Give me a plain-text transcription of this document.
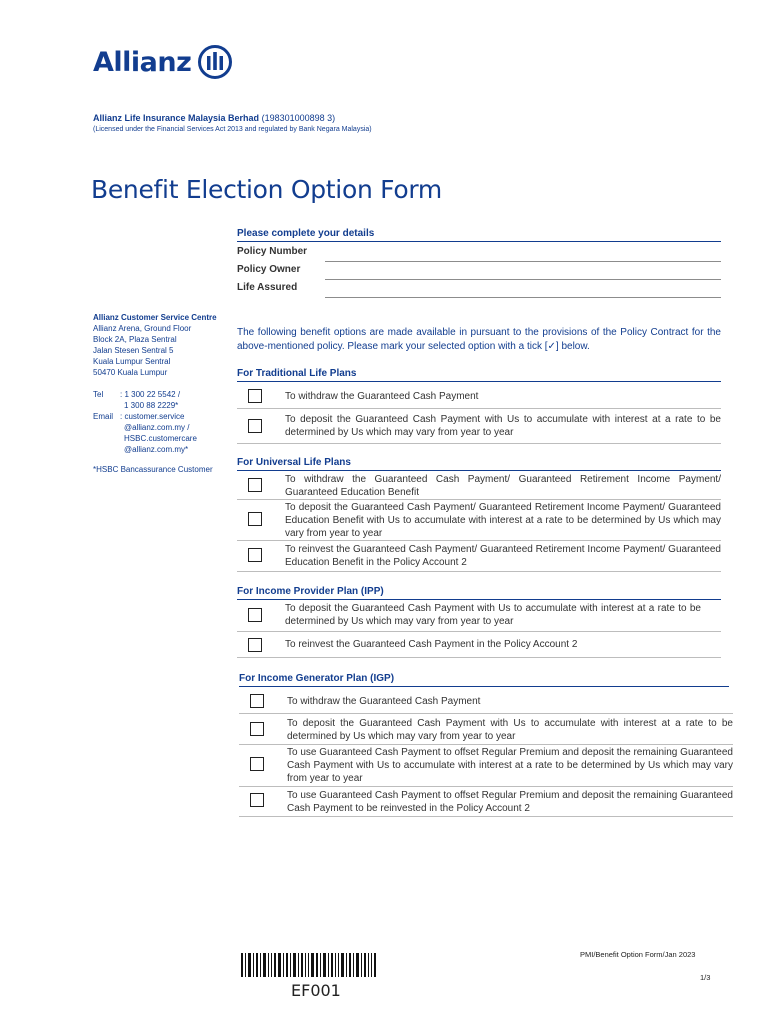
Allianz
Allianz Life Insurance Malaysia Berhad (198301000898 3)
(Licensed under the Financial Services Act 2013 and regulated by Bank Negara Malaysia)
Benefit Election Option Form
Please complete your details
Policy Number
Policy Owner
Life Assured
Allianz Customer Service Centre
Allianz Arena, Ground Floor
Block 2A, Plaza Sentral
Jalan Stesen Sentral 5
Kuala Lumpur Sentral
50470 Kuala Lumpur
Tel : 1 300 22 5542 /
1 300 88 2229*
Email : customer.service
@allianz.com.my /
HSBC.customercare
@allianz.com.my*
*HSBC Bancassurance Customer
The following benefit options are made available in pursuant to the provisions of the Policy Contract for the above-mentioned policy. Please mark your selected option with a tick [✓] below.
For Traditional Life Plans
To withdraw the Guaranteed Cash Payment
To deposit the Guaranteed Cash Payment with Us to accumulate with interest at a rate to be determined by Us which may vary from year to year
For Universal Life Plans
To withdraw the Guaranteed Cash Payment/ Guaranteed Retirement Income Payment/ Guaranteed Education Benefit
To deposit the Guaranteed Cash Payment/ Guaranteed Retirement Income Payment/ Guaranteed Education Benefit with Us to accumulate with interest at a rate to be determined by Us which may vary from year to year
To reinvest the Guaranteed Cash Payment/ Guaranteed Retirement Income Payment/ Guaranteed Education Benefit in the Policy Account 2
For Income Provider Plan (IPP)
To deposit the Guaranteed Cash Payment with Us to accumulate with interest at a rate to be determined by Us which may vary from year to year
To reinvest the Guaranteed Cash Payment in the Policy Account 2
For Income Generator Plan (IGP)
To withdraw the Guaranteed Cash Payment
To deposit the Guaranteed Cash Payment with Us to accumulate with interest at a rate to be determined by Us which may vary from year to year
To use Guaranteed Cash Payment to offset Regular Premium and deposit the remaining Guaranteed Cash Payment with Us to accumulate with interest at a rate to be determined by Us which may vary from year to year
To use Guaranteed Cash Payment to offset Regular Premium and deposit the remaining Guaranteed Cash Payment to be reinvested in the Policy Account 2
PMI/Benefit Option Form/Jan 2023
1/3
EF001
